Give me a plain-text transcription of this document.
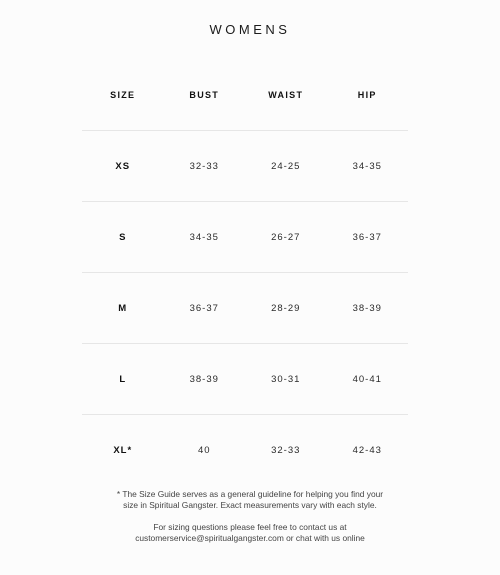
WOMENS
SIZE	BUST	WAIST	HIP
XS	32-33	24-25	34-35
S	34-35	26-27	36-37
M	36-37	28-29	38-39
L	38-39	30-31	40-41
XL*	40	32-33	42-43
* The Size Guide serves as a general guideline for helping you find your
size in Spiritual Gangster. Exact measurements vary with each style.
For sizing questions please feel free to contact us at
customerservice@spiritualgangster.com or chat with us online
